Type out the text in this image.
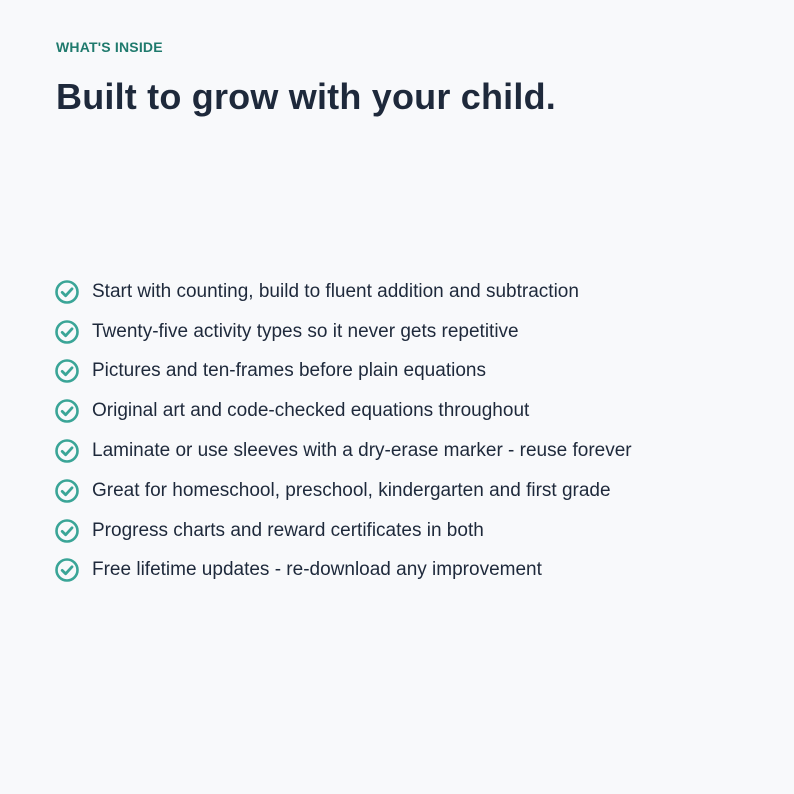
WHAT'S INSIDE

Built to grow with your child.
Start with counting, build to fluent addition and subtraction
Twenty-five activity types so it never gets repetitive
Pictures and ten-frames before plain equations
Original art and code-checked equations throughout
Laminate or use sleeves with a dry-erase marker - reuse forever
Great for homeschool, preschool, kindergarten and first grade
Progress charts and reward certificates in both
Free lifetime updates - re-download any improvement
